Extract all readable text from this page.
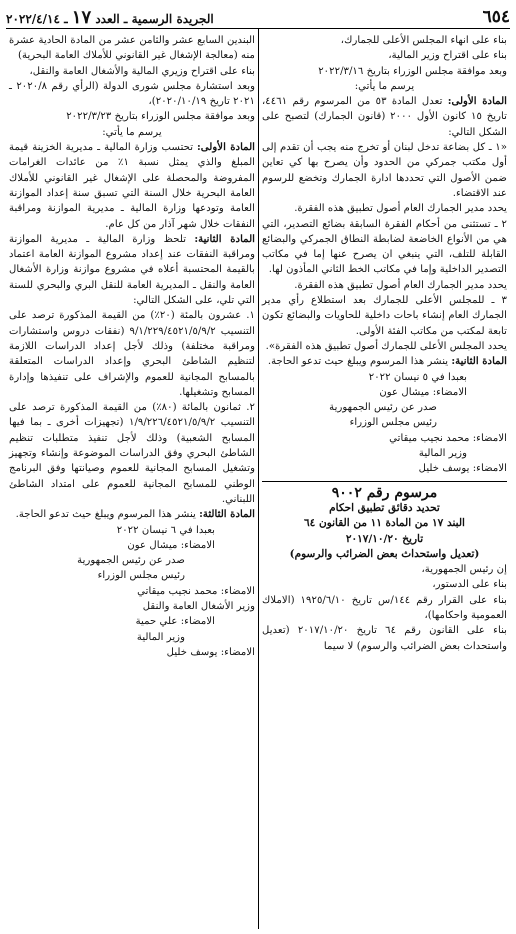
٦٥٤
الجريدة الرسمية ـ العدد ١٧ ـ ٢٠٢٢/٤/١٤

بناء على انهاء المجلس الأعلى للجمارك،

بناء على اقتراح وزير المالية،

وبعد موافقة مجلس الوزراء بتاريخ ٢٠٢٢/٣/١٦

يرسم ما يأتي:

المادة الأولى: تعدل المادة ٥٣ من المرسوم رقم ٤٤٦١، تاريخ ١٥ كانون الأول ٢٠٠٠ (قانون الجمارك) لتصبح على الشكل التالي:

«١ ـ كل بضاعة تدخل لبنان أو تخرج منه يجب أن تقدم إلى أول مكتب جمركي من الحدود وأن يصرح بها كي تعاين ضمن الأصول التي تحددها ادارة الجمارك وتخضع للرسوم عند الاقتضاء.

يحدد مدير الجمارك العام أصول تطبيق هذه الفقرة.

٢ ـ تستثنى من أحكام الفقرة السابقة بضائع التصدير، التي هي من الأنواع الخاضعة لضابطة النطاق الجمركي والبضائع القابلة للتلف، التي ينبغي ان يصرح عنها إما في مكاتب التصدير الداخلية وإما في مكاتب الخط الثاني المأذون لها.

يحدد مدير الجمارك العام أصول تطبيق هذه الفقرة.

٣ ـ للمجلس الأعلى للجمارك بعد استطلاع رأي مدير الجمارك العام إنشاء باحات داخلية للحاويات والبضائع تكون تابعة لمكتب من مكاتب الفئة الأولى.

يحدد المجلس الأعلى للجمارك أصول تطبيق هذه الفقرة».

المادة الثانية: ينشر هذا المرسوم ويبلغ حيث تدعو الحاجة.

بعبدا في ٥ نيسان ٢٠٢٢

الامضاء: ميشال عون

صدر عن رئيس الجمهورية

رئيس مجلس الوزراء

الامضاء: محمد نجيب ميقاتي

وزير المالية

الامضاء: يوسف خليل

مرسوم رقم ٩٠٠٢

تحديد دقائق تطبيق احكام

البند ١٧ من المادة ١١ من القانون ٦٤

تاريخ ٢٠١٧/١٠/٢٠

(تعديل واستحداث بعض الضرائب والرسوم)

إن رئيس الجمهورية،

بناء على الدستور،

بناء على القرار رقم ١٤٤/س تاريخ ١٩٢٥/٦/١٠ (الاملاك العمومية واحكامها)،

بناء على القانون رقم ٦٤ تاريخ ٢٠١٧/١٠/٢٠ (تعديل واستحداث بعض الضرائب والرسوم) لا سيما

البندين السابع عشر والثامن عشر من المادة الحادية عشرة منه (معالجة الإشغال غير القانوني للأملاك العامة البحرية)

بناء على اقتراح وزيري المالية والأشغال العامة والنقل،

وبعد استشارة مجلس شورى الدولة (الرأي رقم ٢٠٢٠/٨ ـ ٢٠٢١ تاريخ ٢٠٢٠/١٠/١٩)،

وبعد موافقة مجلس الوزراء بتاريخ ٢٠٢٢/٣/٢٣

يرسم ما يأتي:

المادة الأولى: تحتسب وزارة المالية ـ مديرية الخزينة قيمة المبلغ والذي يمثل نسبة ١٪ من عائدات الغرامات المفروضة والمحصلة على الإشغال غير القانوني للأملاك العامة البحرية خلال السنة التي تسبق سنة إعداد الموازنة العامة وتودعها وزارة المالية ـ مديرية الموازنة ومراقبة النفقات خلال شهر آذار من كل عام.

المادة الثانية: تلحظ وزارة المالية ـ مديرية الموازنة ومراقبة النفقات عند إعداد مشروع الموازنة العامة اعتماد بالقيمة المحتسبة أعلاه في مشروع موازنة وزارة الأشغال العامة والنقل ـ المديرية العامة للنقل البري والبحري للسنة التي تلي، على الشكل التالي:

١. عشرون بالمئة (٢٠٪) من القيمة المذكورة ترصد على التنسيب ٩/١/٢٢٩/٤٥٢١/٥/٩/٢ (نفقات دروس واستشارات ومراقبة مختلفة) وذلك لأجل إعداد الدراسات اللازمة لتنظيم الشاطئ البحري وإعداد الدراسات المتعلقة بالمسابح المجانية للعموم والإشراف على تنفيذها وإدارة المسابح وتشغيلها.

٢. ثمانون بالمائة (٨٠٪) من القيمة المذكورة ترصد على التنسيب ١/٩/٢٢٦/٤٥٢١/٥/٩/٢ (تجهيزات أخرى ـ بما فيها المسابح الشعبية) وذلك لأجل تنفيذ متطلبات تنظيم الشاطئ البحري وفق الدراسات الموضوعة وإنشاء وتجهيز وتشغيل المسابح المجانية للعموم وصيانتها وفق البرنامج الوطني للمسابح المجانية للعموم على امتداد الشاطئ اللبناني.

المادة الثالثة: ينشر هذا المرسوم ويبلغ حيث تدعو الحاجة.

بعبدا في ٦ نيسان ٢٠٢٢

الامضاء: ميشال عون

صدر عن رئيس الجمهورية

رئيس مجلس الوزراء

الامضاء: محمد نجيب ميقاتي

وزير الأشغال العامة والنقل

الامضاء: علي حمية

وزير المالية

الامضاء: يوسف خليل
